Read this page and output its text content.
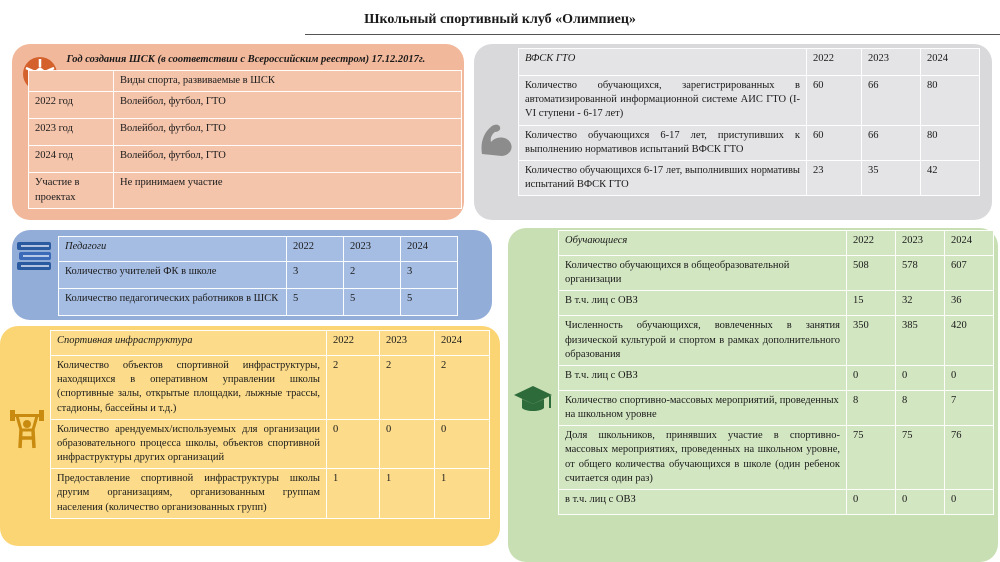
Школьный спортивный клуб «Олимпиец»
Год создания ШСК (в соответствии с Всероссийским реестром) 17.12.2017г.	
	Виды спорта, развиваемые в ШСК
2022 год	Волейбол, футбол, ГТО
2023 год	Волейбол, футбол, ГТО
2024 год	Волейбол, футбол, ГТО
Участие в проектах	Не принимаем участие
ВФСК ГТО	2022	2023	2024
Количество обучающихся, зарегистрированных в автоматизированной информационной системе АИС ГТО (I-VI ступени - 6-17 лет)	60	66	80
Количество обучающихся 6-17 лет, приступивших к выполнению нормативов испытаний ВФСК ГТО	60	66	80
Количество обучающихся 6-17 лет, выполнивших нормативы испытаний ВФСК ГТО	23	35	42
Педагоги	2022	2023	2024
Количество учителей ФК в школе	3	2	3
Количество педагогических работников в ШСК	5	5	5
Спортивная инфраструктура	2022	2023	2024
Количество объектов спортивной инфраструктуры, находящихся в оперативном управлении школы (спортивные залы, открытые площадки, лыжные трассы, стадионы, бассейны и т.д.)	2	2	2
Количество арендуемых/используемых для организации образовательного процесса школы, объектов спортивной инфраструктуры других организаций	0	0	0
Предоставление спортивной инфраструктуры школы другим организациям, организованным группам населения (количество организованных групп)	1	1	1
Обучающиеся	2022	2023	2024
Количество обучающихся в общеобразовательной организации	508	578	607
В т.ч. лиц с ОВЗ	15	32	36
Численность обучающихся, вовлеченных в занятия физической культурой и спортом в рамках дополнительного образования	350	385	420
В т.ч. лиц с ОВЗ	0	0	0
Количество спортивно-массовых мероприятий, проведенных на школьном уровне	8	8	7
Доля школьников, принявших участие в спортивно-массовых мероприятиях, проведенных на школьном уровне, от общего количества обучающихся в школе (один ребенок считается один раз)	75	75	76
в т.ч. лиц с ОВЗ	0	0	0
